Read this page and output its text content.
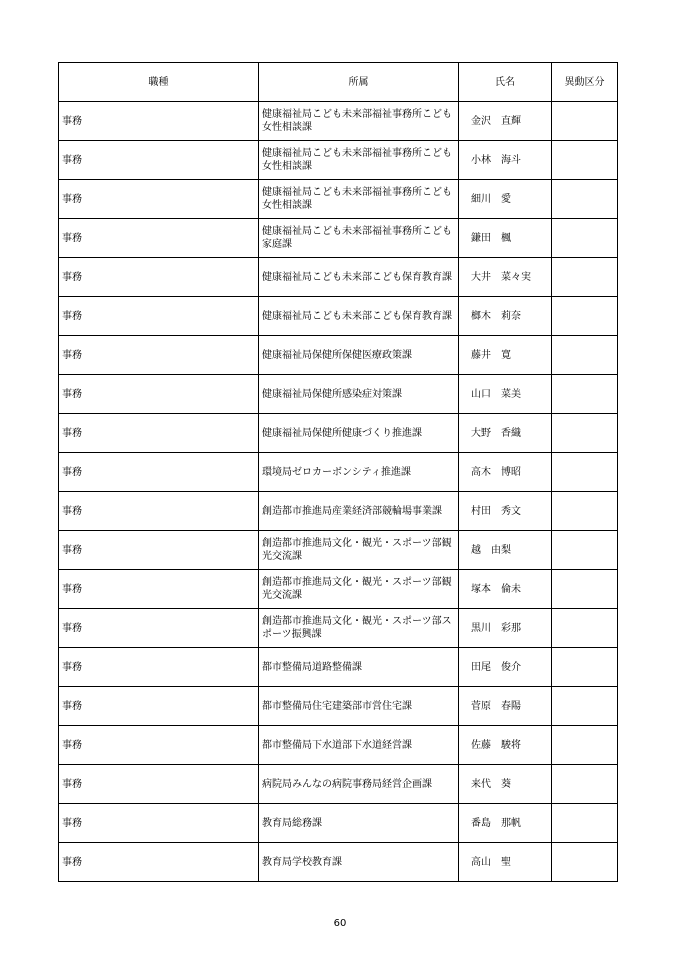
職種	所属	氏名	異動区分
事務	健康福祉局こども未来部福祉事務所こども女性相談課	金沢　直輝	
事務	健康福祉局こども未来部福祉事務所こども女性相談課	小林　海斗	
事務	健康福祉局こども未来部福祉事務所こども女性相談課	細川　愛	
事務	健康福祉局こども未来部福祉事務所こども家庭課	鎌田　楓	
事務	健康福祉局こども未来部こども保育教育課	大井　菜々実	
事務	健康福祉局こども未来部こども保育教育課	榔木　莉奈	
事務	健康福祉局保健所保健医療政策課	藤井　寛	
事務	健康福祉局保健所感染症対策課	山口　菜美	
事務	健康福祉局保健所健康づくり推進課	大野　香織	
事務	環境局ゼロカーボンシティ推進課	高木　博昭	
事務	創造都市推進局産業経済部競輪場事業課	村田　秀文	
事務	創造都市推進局文化・観光・スポーツ部観光交流課	越　由梨	
事務	創造都市推進局文化・観光・スポーツ部観光交流課	塚本　倫未	
事務	創造都市推進局文化・観光・スポーツ部スポーツ振興課	黒川　彩那	
事務	都市整備局道路整備課	田尾　俊介	
事務	都市整備局住宅建築部市営住宅課	菅原　春陽	
事務	都市整備局下水道部下水道経営課	佐藤　駿将	
事務	病院局みんなの病院事務局経営企画課	来代　葵	
事務	教育局総務課	番島　那帆	
事務	教育局学校教育課	高山　聖	
60
